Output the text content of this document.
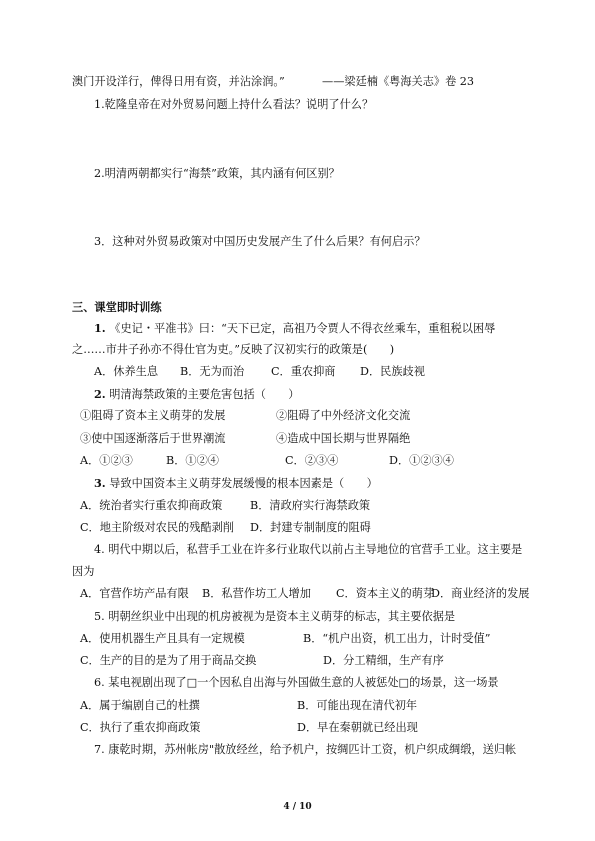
澳门开设洋行，俾得日用有资，并沾涂润。”	——梁廷楠《粤海关志》卷 23
1.乾隆皇帝在对外贸易问题上持什么看法？说明了什么？
2.明清两朝都实行“海禁”政策，其内涵有何区别？
3．这种对外贸易政策对中国历史发展产生了什么后果？有何启示？
三、课堂即时训练
1. 《史记・平准书》曰：“天下已定，高祖乃令贾人不得衣丝乘车，重租税以困辱
之……市井子孙亦不得仕官为吏。”反映了汉初实行的政策是(　　)
A．休养生息 B．无为而治 C．重农抑商 D．民族歧视
2. 明清海禁政策的主要危害包括（　　）
①阻碍了资本主义萌芽的发展	②阻碍了中外经济文化交流
③使中国逐渐落后于世界潮流	④造成中国长期与世界隔绝
A．①②③	B．①②④	C．②③④	D．①②③④
3. 导致中国资本主义萌芽发展缓慢的根本因素是（　　）
A．统治者实行重农抑商政策 B．清政府实行海禁政策
C．地主阶级对农民的残酷剥削 D．封建专制制度的阻碍
4. 明代中期以后，私营手工业在许多行业取代以前占主导地位的官营手工业。这主要是
因为
A．官营作坊产品有限 B．私营作坊工人增加 C．资本主义的萌芽
D．商业经济的发展
5. 明朝丝织业中出现的机房被视为是资本主义萌芽的标志，其主要依据是
A．使用机器生产且具有一定规模	B．“机户出资，机工出力，计时受值”
C．生产的目的是为了用于商品交换	D．分工精细，生产有序
6. 某电视剧出现了□一个因私自出海与外国做生意的人被惩处□的场景，这一场景
A．属于编剧自己的杜撰	B．可能出现在清代初年
C．执行了重农抑商政策	D．早在秦朝就已经出现
7. 康乾时期，苏州帐房"散放经丝，给予机户，按绸匹计工资，机户织成绸缎，送归帐
4 / 10
